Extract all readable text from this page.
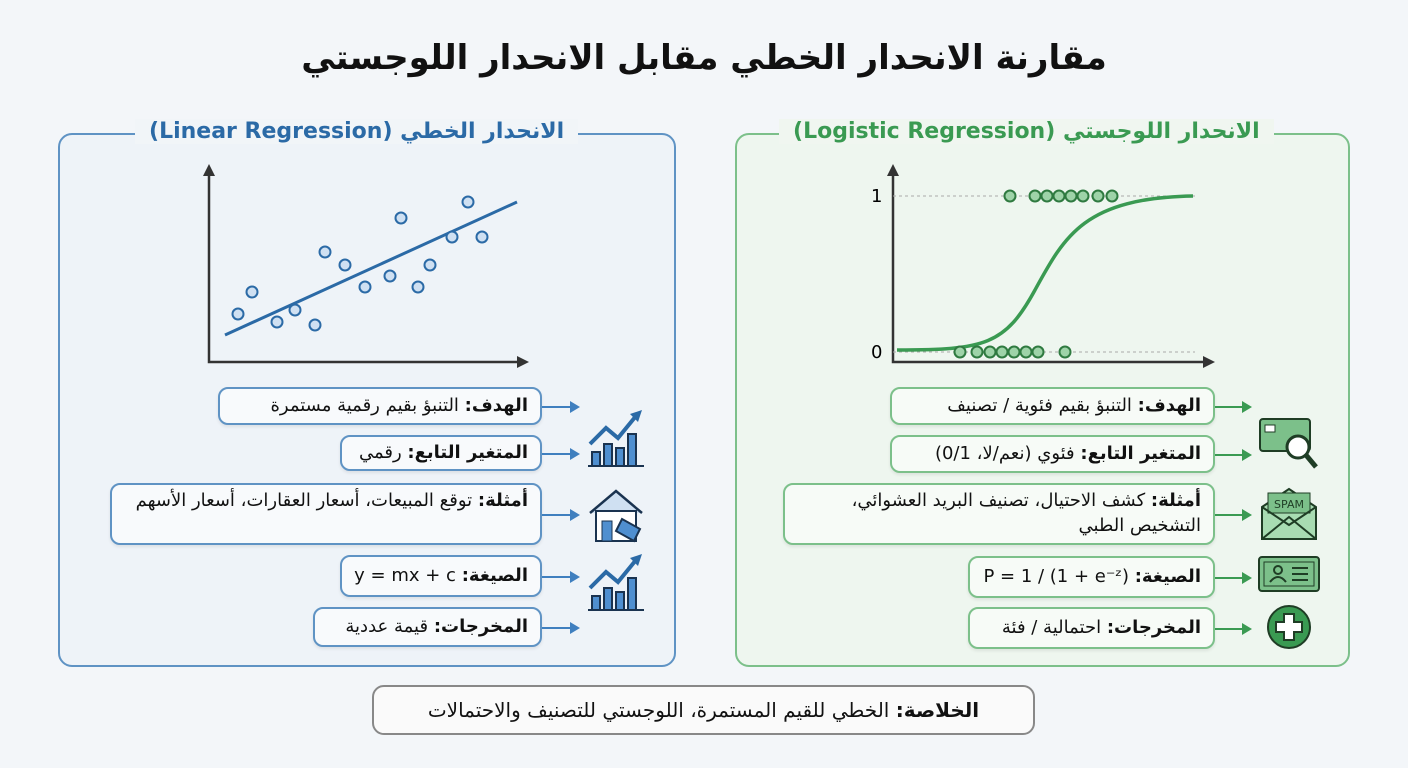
مقارنة الانحدار الخطي مقابل الانحدار اللوجستي
الانحدار الخطي (Linear Regression)	الانحدار اللوجستي (Logistic Regression)
1
0
الهدف: التنبؤ بقيم رقمية مستمرة
المتغير التابع: رقمي
أمثلة: توقع المبيعات، أسعار العقارات، أسعار الأسهم
الصيغة: y = mx + c
المخرجات: قيمة عددية
الهدف: التنبؤ بقيم فئوية / تصنيف
المتغير التابع: فئوي (نعم/لا، 0/1)
أمثلة: كشف الاحتيال، تصنيف البريد العشوائي، التشخيص الطبي
الصيغة: P = 1 / (1 + e⁻ᶻ)
المخرجات: احتمالية / فئة
SPAM
الخلاصة: الخطي للقيم المستمرة، اللوجستي للتصنيف والاحتمالات
